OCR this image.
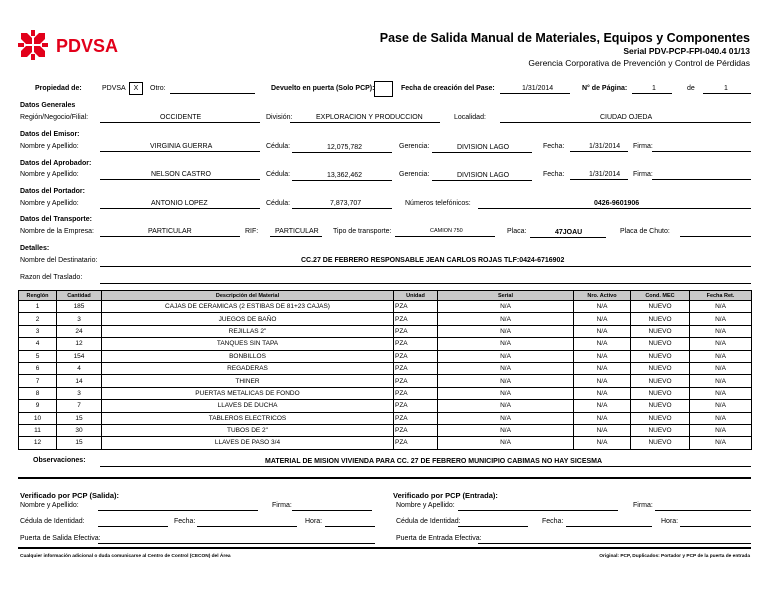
PDVSA	Pase de Salida Manual de Materiales, Equipos y Componentes
Serial PDV-PCP-FPI-040.4 01/13
Gerencia Corporativa de Prevención y Control de Pérdidas
Propiedad de:	PDVSA	X	Otro:	Devuelto en puerta (Solo PCP):	Fecha de creación del Pase:	1/31/2014	N° de Página:	1	de	1
Datos Generales
Región/Negocio/Filial:	OCCIDENTE	División:	EXPLORACION Y PRODUCCION	Localidad:	CIUDAD OJEDA
Datos del Emisor:
Nombre y Apellido:	VIRGINIA GUERRA	Cédula:	12,075,782	Gerencia:	DIVISION LAGO	Fecha:	1/31/2014 Firma:
Datos del Aprobador:
Nombre y Apellido:	NELSON CASTRO	Cédula:	13,362,462	Gerencia:	DIVISION LAGO	Fecha:	1/31/2014 Firma:
Datos del Portador:
Nombre y Apellido:	ANTONIO LOPEZ	Cédula:	7,873,707	Números telefónicos:	0426-9601906
Datos del Transporte:
Nombre de la Empresa:	PARTICULAR	RIF: PARTICULAR Tipo de transporte:	CAMION 750	Placa:	47JOAU	Placa de Chuto:
Detalles:
Nombre del Destinatario:	CC.27 DE FEBRERO RESPONSABLE JEAN CARLOS ROJAS TLF:0424-6716902
Razon del Traslado:
Renglón	Cantidad	Descripción del Material	Unidad	Serial	Nro. Activo	Cond. MEC	Fecha Ret.
1	185	CAJAS DE CERAMICAS (2 ESTIBAS DE 81+23 CAJAS)	PZA	N/A	N/A	NUEVO	N/A
2	3	JUEGOS DE BAÑO	PZA	N/A	N/A	NUEVO	N/A
3	24	REJILLAS 2"	PZA	N/A	N/A	NUEVO	N/A
4	12	TANQUES SIN TAPA	PZA	N/A	N/A	NUEVO	N/A
5	154	BONBILLOS	PZA	N/A	N/A	NUEVO	N/A
6	4	REGADERAS	PZA	N/A	N/A	NUEVO	N/A
7	14	THINER	PZA	N/A	N/A	NUEVO	N/A
8	3	PUERTAS METALICAS DE FONDO	PZA	N/A	N/A	NUEVO	N/A
9	7	LLAVES DE DUCHA	PZA	N/A	N/A	NUEVO	N/A
10	15	TABLEROS ELECTRICOS	PZA	N/A	N/A	NUEVO	N/A
11	30	TUBOS DE 2"	PZA	N/A	N/A	NUEVO	N/A
12	15	LLAVES DE PASO 3/4	PZA	N/A	N/A	NUEVO	N/A
Observaciones:	MATERIAL DE MISION VIVIENDA PARA CC. 27 DE FEBRERO MUNICIPIO CABIMAS NO HAY SICESMA
Verificado por PCP (Salida):
Nombre y Apellido:	Firma:
Cédula de Identidad:	Fecha:	Hora:
Puerta de Salida Efectiva:
Verificado por PCP (Entrada):
Nombre y Apellido:	Firma:
Cédula de Identidad:	Fecha:	Hora:
Puerta de Entrada Efectiva:
Cualquier información adicional o duda comunicarse al Centro de Control (CECON) del Área	Original: PCP, Duplicados: Portador y PCP de la puerta de entrada
